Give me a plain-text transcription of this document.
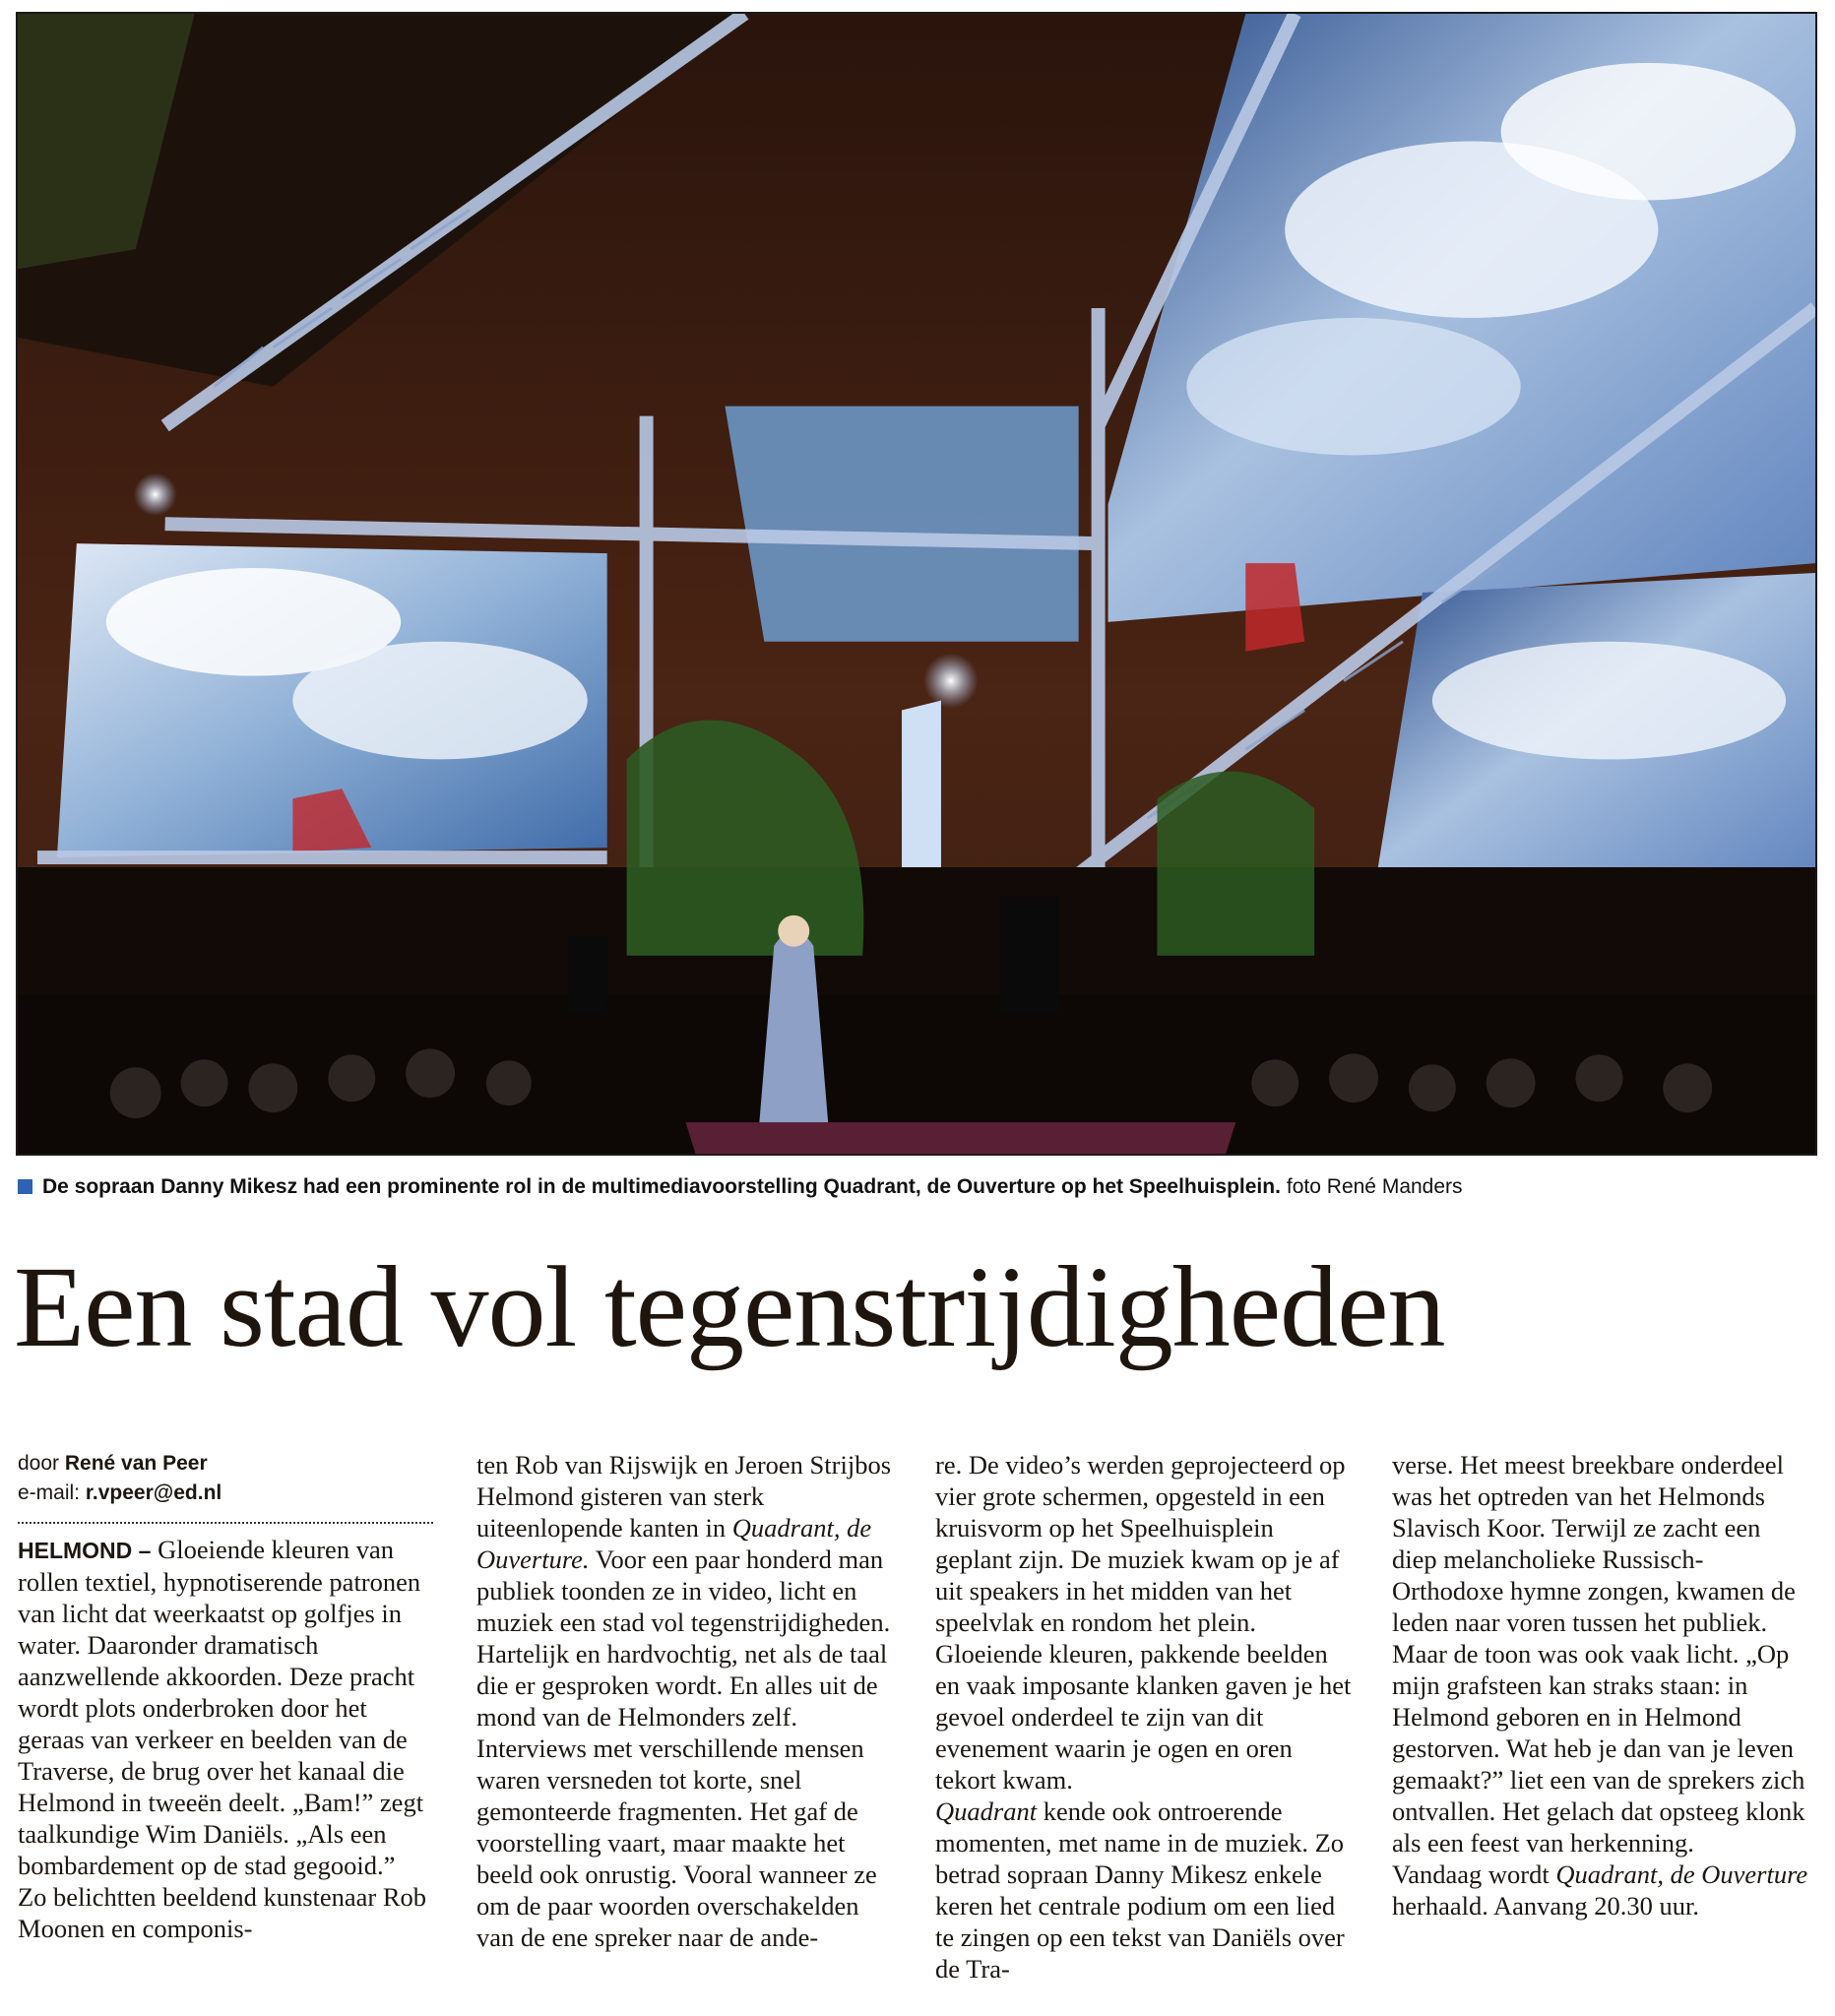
De sopraan Danny Mikesz had een prominente rol in de multimediavoorstelling Quadrant, de Ouverture op het Speelhuisplein. foto René Manders
Een stad vol tegenstrijdigheden
door René van Peer
e-mail: r.vpeer@ed.nl

HELMOND – Gloeiende kleuren van rollen textiel, hypnotiserende patronen van licht dat weerkaatst op golfjes in water. Daaronder dramatisch aanzwellende akkoorden. Deze pracht wordt plots onderbroken door het geraas van verkeer en beelden van de Traverse, de brug over het kanaal die Helmond in tweeën deelt. „Bam!” zegt taalkundige Wim Daniëls. „Als een bombardement op de stad gegooid.”

Zo belichtten beeldend kunstenaar Rob Moonen en componis-

ten Rob van Rijswijk en Jeroen Strijbos Helmond gisteren van sterk uiteenlopende kanten in Quadrant, de Ouverture. Voor een paar honderd man publiek toonden ze in video, licht en muziek een stad vol tegenstrijdigheden. Hartelijk en hardvochtig, net als de taal die er gesproken wordt. En alles uit de mond van de Helmonders zelf. Interviews met verschillende mensen waren versneden tot korte, snel gemonteerde fragmenten. Het gaf de voorstelling vaart, maar maakte het beeld ook onrustig. Vooral wanneer ze om de paar woorden overschakelden van de ene spreker naar de ande-

re. De video’s werden geprojecteerd op vier grote schermen, opgesteld in een kruisvorm op het Speelhuisplein geplant zijn. De muziek kwam op je af uit speakers in het midden van het speelvlak en rondom het plein. Gloeiende kleuren, pakkende beelden en vaak imposante klanken gaven je het gevoel onderdeel te zijn van dit evenement waarin je ogen en oren tekort kwam.

Quadrant kende ook ontroerende momenten, met name in de muziek. Zo betrad sopraan Danny Mikesz enkele keren het centrale podium om een lied te zingen op een tekst van Daniëls over de Tra-

verse. Het meest breekbare onderdeel was het optreden van het Helmonds Slavisch Koor. Terwijl ze zacht een diep melancholieke Russisch-Orthodoxe hymne zongen, kwamen de leden naar voren tussen het publiek. Maar de toon was ook vaak licht. „Op mijn grafsteen kan straks staan: in Helmond geboren en in Helmond gestorven. Wat heb je dan van je leven gemaakt?” liet een van de sprekers zich ontvallen. Het gelach dat opsteeg klonk als een feest van herkenning.

Vandaag wordt Quadrant, de Ouverture herhaald. Aanvang 20.30 uur.
